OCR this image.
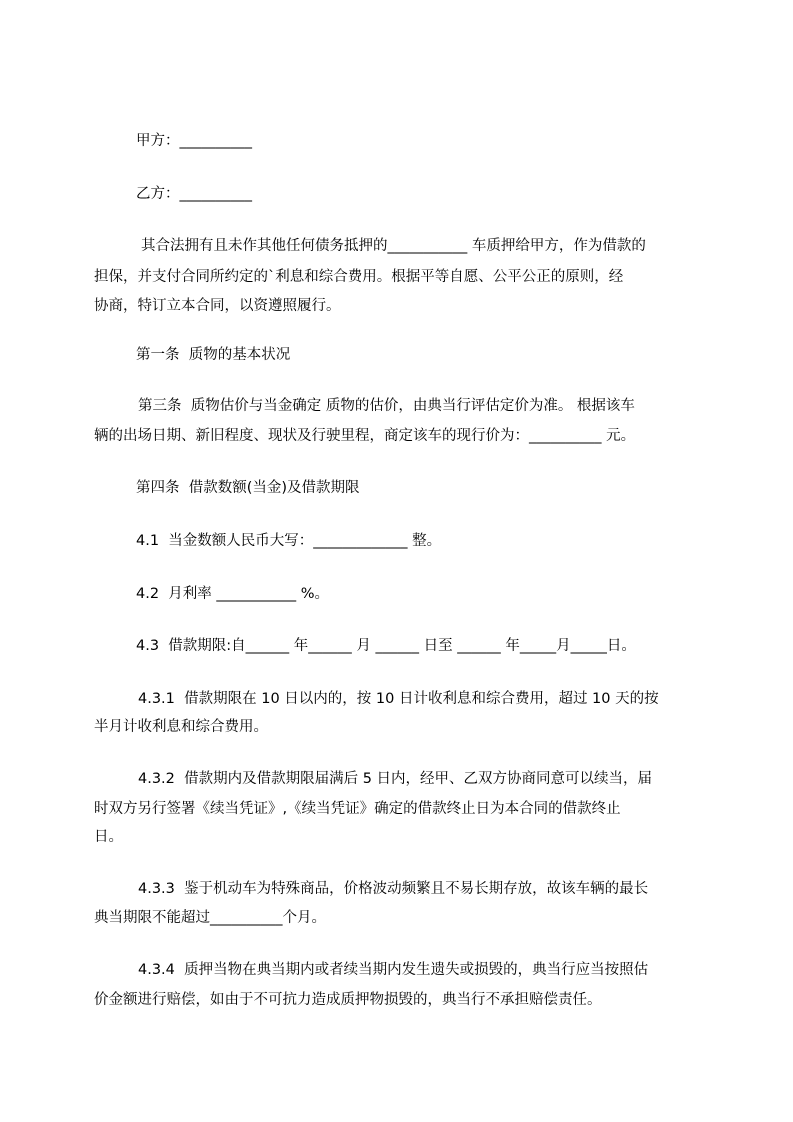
甲方：__________
乙方：__________
其合法拥有且未作其他任何债务抵押的___________ 车质押给甲方，作为借款的
担保，并支付合同所约定的`利息和综合费用。根据平等自愿、公平公正的原则，经
协商，特订立本合同，以资遵照履行。
第一条  质物的基本状况
第三条  质物估价与当金确定 质物的估价，由典当行评估定价为准。 根据该车
辆的出场日期、新旧程度、现状及行驶里程，商定该车的现行价为：__________ 元。
第四条  借款数额(当金)及借款期限
4.1  当金数额人民币大写：_____________ 整。
4.2  月利率 ___________ %。
4.3  借款期限:自______ 年______ 月 ______ 日至 ______ 年_____月_____日。
4.3.1  借款期限在 10 日以内的，按 10 日计收利息和综合费用，超过 10 天的按
半月计收利息和综合费用。
4.3.2  借款期内及借款期限届满后 5 日内，经甲、乙双方协商同意可以续当，届
时双方另行签署《续当凭证》,《续当凭证》确定的借款终止日为本合同的借款终止
日。
4.3.3  鉴于机动车为特殊商品，价格波动频繁且不易长期存放，故该车辆的最长
典当期限不能超过__________个月。
4.3.4  质押当物在典当期内或者续当期内发生遗失或损毁的，典当行应当按照估
价金额进行赔偿，如由于不可抗力造成质押物损毁的，典当行不承担赔偿责任。
